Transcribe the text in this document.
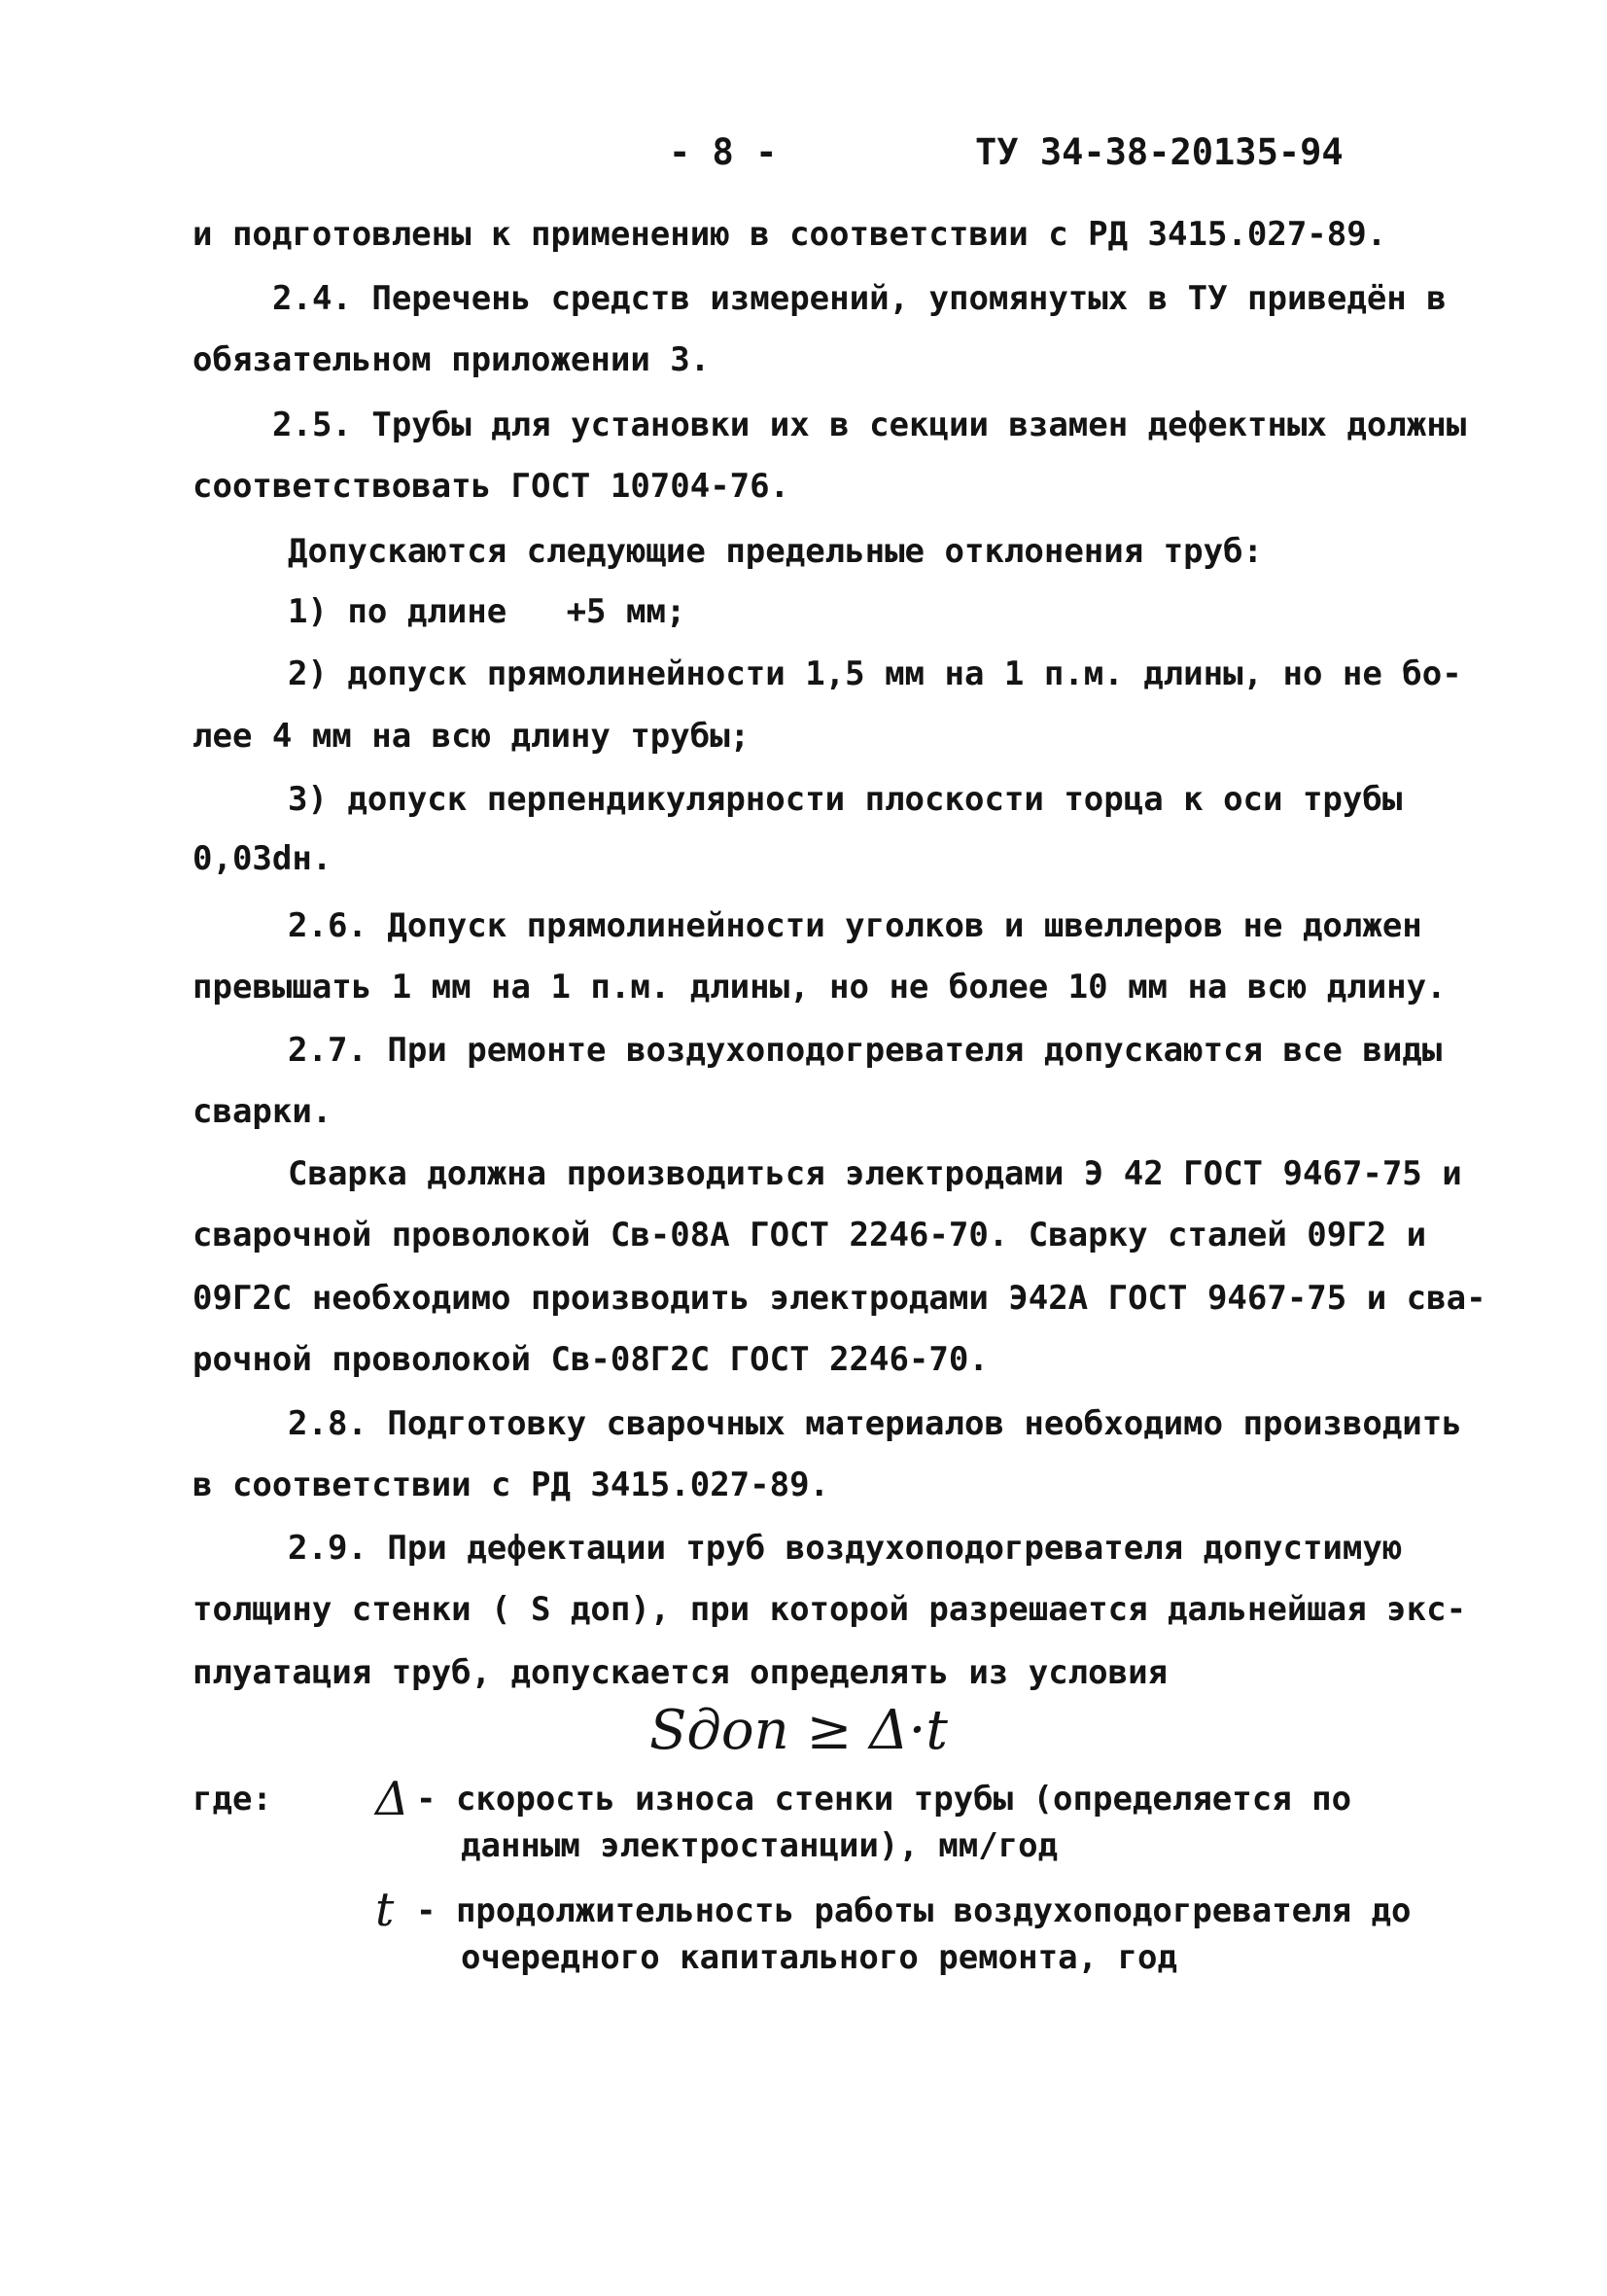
- 8 -	ТУ 34-38-20135-94
и подготовлены к применению в соответствии с РД 3415.027-89.
2.4. Перечень средств измерений, упомянутых в ТУ приведён в
обязательном приложении 3.
2.5. Трубы для установки их в секции взамен дефектных должны
соответствовать ГОСТ 10704-76.
Допускаются следующие предельные отклонения труб:
1) по длине   +5 мм;
2) допуск прямолинейности 1,5 мм на 1 п.м. длины, но не бо-
лее 4 мм на всю длину трубы;
3) допуск перпендикулярности плоскости торца к оси трубы
0,03dн.
2.6. Допуск прямолинейности уголков и швеллеров не должен
превышать 1 мм на 1 п.м. длины, но не более 10 мм на всю длину.
2.7. При ремонте воздухоподогревателя допускаются все виды
сварки.
Сварка должна производиться электродами Э 42 ГОСТ 9467-75 и
сварочной проволокой Св-08А ГОСТ 2246-70. Сварку сталей 09Г2 и
09Г2С необходимо производить электродами Э42А ГОСТ 9467-75 и сва-
рочной проволокой Св-08Г2С ГОСТ 2246-70.
2.8. Подготовку сварочных материалов необходимо производить
в соответствии с РД 3415.027-89.
2.9. При дефектации труб воздухоподогревателя допустимую
толщину стенки ( S доп), при которой разрешается дальнейшая экс-
плуатация труб, допускается определять из условия
Sдоп ≥ Δ·t
где: Δ - скорость износа стенки трубы (определяется по
данным электростанции), мм/год
t - продолжительность работы воздухоподогревателя до
очередного капитального ремонта, год
